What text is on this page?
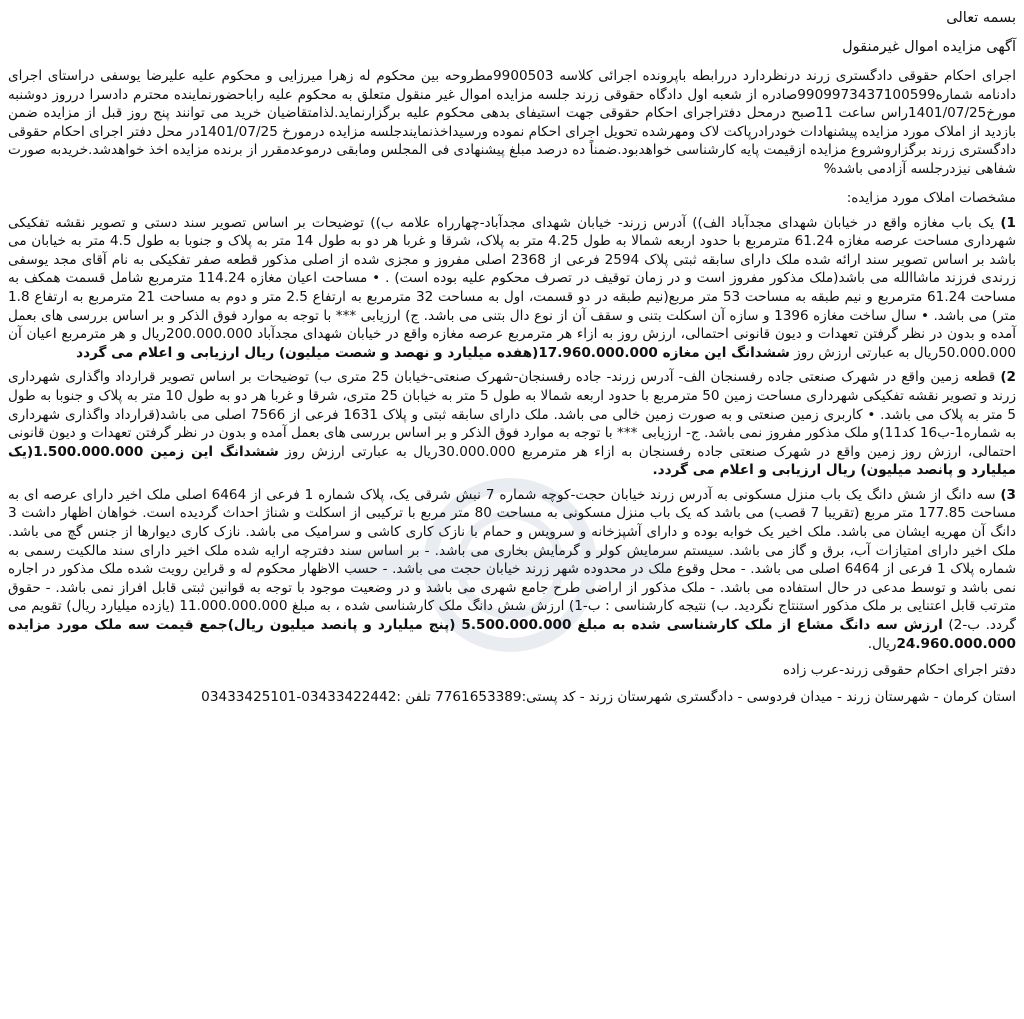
بسمه تعالی
آگهی مزایده اموال غیرمنقول

اجرای احکام حقوقی دادگستری زرند درنظردارد دررابطه باپرونده اجرائی کلاسه 9900503مطروحه بین محکوم له زهرا میرزایی و محکوم علیه علیرضا یوسفی دراستای اجرای دادنامه شماره9909973437100599صادره از شعبه اول دادگاه حقوقی زرند جلسه مزایده اموال غیر منقول متعلق به محکوم علیه راباحضورنماینده محترم دادسرا درروز دوشنبه مورخ1401/07/25راس ساعت 11صبح درمحل دفتراجرای احکام حقوقی جهت استیفای بدهی محکوم علیه برگزارنماید.لذامتقاضیان خرید می توانند پنج روز قبل از مزایده ضمن بازدید از املاک مورد مزایده پیشنهادات خودرادرپاکت لاک ومهرشده تحویل اجرای احکام نموده ورسیداخذنمایندجلسه مزایده درمورخ 1401/07/25در محل دفتر اجرای احکام حقوقی دادگستری زرند برگزاروشروع مزایده ازقیمت پایه کارشناسی خواهدبود.ضمناً ده درصد مبلغ پیشنهادی فی المجلس ومابقی درموعدمقرر از برنده مزایده اخذ خواهدشد.خریدبه صورت شفاهی نیزدرجلسه آزادمی باشد%

مشخصات املاک مورد مزایده:

1) یک باب مغازه واقع در خیابان شهدای مجدآباد الف)) آدرس زرند- خیابان شهدای مجدآباد-چهارراه علامه ب)) توضیحات بر اساس تصویر سند دستی و تصویر نقشه تفکیکی شهرداری مساحت عرصه مغازه 61.24 مترمربع با حدود اربعه شمالا به طول 4.25 متر به پلاک، شرقا و غربا هر دو به طول 14 متر به پلاک و جنوبا به طول 4.5 متر به خیابان می باشد بر اساس تصویر سند ارائه شده ملک دارای سابقه ثبتی پلاک 2594 فرعی از 2368 اصلی مفروز و مجزی شده از اصلی مذکور قطعه صفر تفکیکی به نام آقای مجد یوسفی زرندی فرزند ماشاالله می باشد(ملک مذکور مفروز است و در زمان توقیف در تصرف محکوم علیه بوده است) . • مساحت اعیان مغازه 114.24 مترمربع شامل قسمت همکف به مساحت 61.24 مترمربع و نیم طبقه به مساحت 53 متر مربع(نیم طبقه در دو قسمت، اول به مساحت 32 مترمربع به ارتفاع 2.5 متر و دوم به مساحت 21 مترمربع به ارتفاع 1.8 متر) می باشد. • سال ساخت مغازه 1396 و سازه آن اسکلت بتنی و سقف آن از نوع دال بتنی می باشد. ج) ارزیابی *** با توجه به موارد فوق الذکر و بر اساس بررسی های بعمل آمده و بدون در نظر گرفتن تعهدات و دیون قانونی احتمالی، ارزش روز به ازاء هر مترمربع عرصه مغازه واقع در خیابان شهدای مجدآباد 200.000.000ریال و هر مترمربع اعیان آن 50.000.000ریال به عبارتی ارزش روز ششدانگ این مغازه 17.960.000.000(هفده میلیارد و نهصد و شصت میلیون) ریال ارزیابی و اعلام می گردد

2) قطعه زمین واقع در شهرک صنعتی جاده رفسنجان الف- آدرس زرند- جاده رفسنجان-شهرک صنعتی-خیابان 25 متری ب) توضیحات بر اساس تصویر قرارداد واگذاری شهرداری زرند و تصویر نقشه تفکیکی شهرداری مساحت زمین 50 مترمربع با حدود اربعه شمالا به طول 5 متر به خیابان 25 متری، شرقا و غربا هر دو به طول 10 متر به پلاک و جنوبا به طول 5 متر به پلاک می باشد. • کاربری زمین صنعتی و به صورت زمین خالی می باشد. ملک دارای سابقه ثبتی و پلاک 1631 فرعی از 7566 اصلی می باشد(قرارداد واگذاری شهرداری به شماره1-ب16 کد11)و ملک مذکور مفروز نمی باشد. ج- ارزیابی *** با توجه به موارد فوق الذکر و بر اساس بررسی های بعمل آمده و بدون در نظر گرفتن تعهدات و دیون قانونی احتمالی، ارزش روز زمین واقع در شهرک صنعتی جاده رفسنجان به ازاء هر مترمربع 30.000.000ریال به عبارتی ارزش روز ششدانگ این زمین 1.500.000.000(یک میلیارد و پانصد میلیون) ریال ارزیابی و اعلام می گردد.

3) سه دانگ از شش دانگ یک باب منزل مسکونی به آدرس زرند خیابان حجت-کوچه شماره 7 نبش شرقی یک، پلاک شماره 1 فرعی از 6464 اصلی ملک اخیر دارای عرصه ای به مساحت 177.85 متر مربع (تقریبا 7 قصب) می باشد که یک باب منزل مسکونی به مساحت 80 متر مربع با ترکیبی از اسکلت و شناژ احداث گردیده است. خواهان اظهار داشت 3 دانگ آن مهریه ایشان می باشد. ملک اخیر یک خوابه بوده و دارای آشپزخانه و سرویس و حمام با نازک کاری کاشی و سرامیک می باشد. نازک کاری دیوارها از جنس گچ می باشد. ملک اخیر دارای امتیازات آب، برق و گاز می باشد. سیستم سرمایش کولر و گرمایش بخاری می باشد. - بر اساس سند دفترچه ارایه شده ملک اخیر دارای سند مالکیت رسمی به شماره پلاک 1 فرعی از 6464 اصلی می باشد. - محل وقوع ملک در محدوده شهر زرند خیابان حجت می باشد. - حسب الاظهار محکوم له و قراین رویت شده ملک مذکور در اجاره نمی باشد و توسط مدعی در حال استفاده می باشد. - ملک مذکور از اراضی طرح جامع شهری می باشد و در وضعیت موجود با توجه به قوانین ثبتی قابل افراز نمی باشد. - حقوق مترتب قابل اعتنایی بر ملک مذکور استنتاج نگردید. ب) نتیجه کارشناسی : ب-1) ارزش شش دانگ ملک کارشناسی شده ، به مبلغ 11.000.000.000 (یازده میلیارد ریال) تقویم می گردد. ب-2) ارزش سه دانگ مشاع از ملک کارشناسی شده به مبلغ 5.500.000.000 (پنج میلیارد و پانصد میلیون ریال)جمع قیمت سه ملک مورد مزایده 24.960.000.000ریال.

دفتر اجرای احکام حقوقی زرند-عرب زاده
استان کرمان - شهرستان زرند - میدان فردوسی - دادگستری شهرستان زرند - کد پستی:7761653389 تلفن :03433422442-03433425101
